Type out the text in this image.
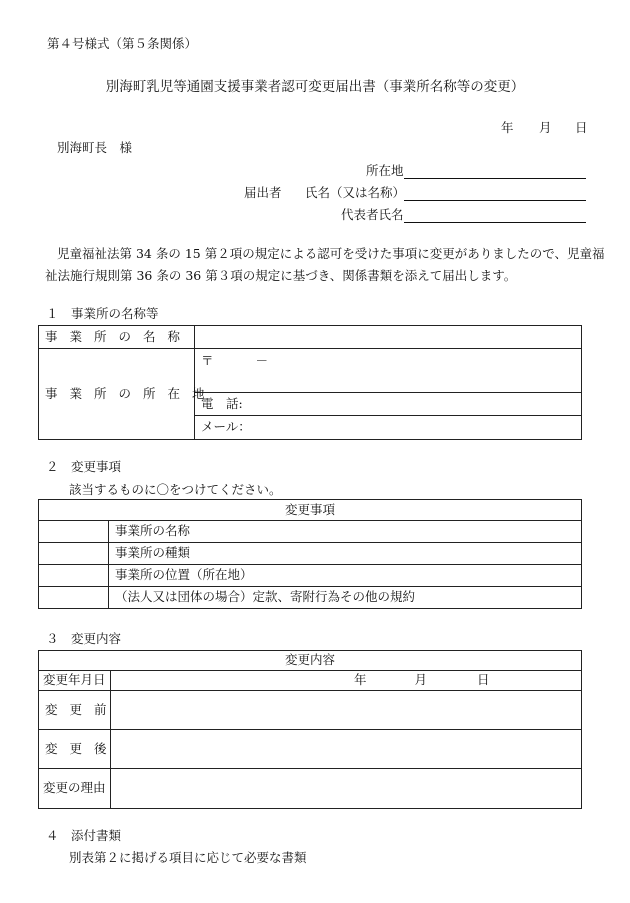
第４号様式（第５条関係）
別海町乳児等通園支援事業者認可変更届出書（事業所名称等の変更）
年 月 日
別海町長　様
所在地
届出者 氏名（又は名称）
代表者氏名
児童福祉法第 34 条の 15 第２項の規定による認可を受けた事項に変更がありましたので、児童福
祉法施行規則第 36 条の 36 第３項の規定に基づき、関係書類を添えて届出します。
１　事業所の名称等
事業所の名称	
事業所の所在地	〒 －
	電　話:
	メール：
２　変更事項
該当するものに〇をつけてください。
変更事項	
	事業所の名称
	事業所の種類
	事業所の位置（所在地）
	（法人又は団体の場合）定款、寄附行為その他の規約
３　変更内容
変更内容	
変更年月日	年 月 日
変更前	
変更後	
変更の理由	
４　添付書類
別表第２に掲げる項目に応じて必要な書類
